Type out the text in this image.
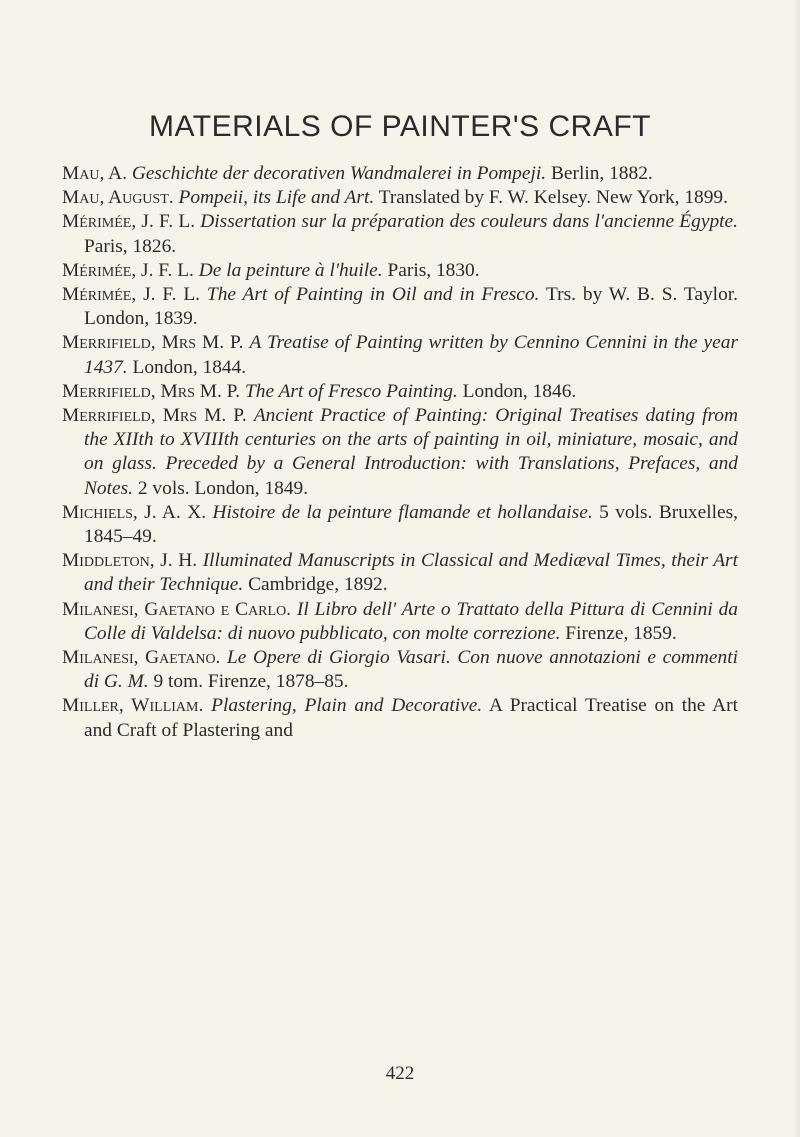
MATERIALS OF PAINTER'S CRAFT
Mau, A. Geschichte der decorativen Wandmalerei in Pompeji. Berlin, 1882.
Mau, August. Pompeii, its Life and Art. Translated by F. W. Kelsey. New York, 1899.
Mérimée, J. F. L. Dissertation sur la préparation des couleurs dans l'ancienne Égypte. Paris, 1826.
Mérimée, J. F. L. De la peinture à l'huile. Paris, 1830.
Mérimée, J. F. L. The Art of Painting in Oil and in Fresco. Trs. by W. B. S. Taylor. London, 1839.
Merrifield, Mrs M. P. A Treatise of Painting written by Cennino Cennini in the year 1437. London, 1844.
Merrifield, Mrs M. P. The Art of Fresco Painting. London, 1846.
Merrifield, Mrs M. P. Ancient Practice of Painting: Original Treatises dating from the XIIth to XVIIIth centuries on the arts of painting in oil, miniature, mosaic, and on glass. Preceded by a General Introduction: with Translations, Prefaces, and Notes. 2 vols. London, 1849.
Michiels, J. A. X. Histoire de la peinture flamande et hollandaise. 5 vols. Bruxelles, 1845–49.
Middleton, J. H. Illuminated Manuscripts in Classical and Mediæval Times, their Art and their Technique. Cambridge, 1892.
Milanesi, Gaetano e Carlo. Il Libro dell' Arte o Trattato della Pittura di Cennini da Colle di Valdelsa: di nuovo pubblicato, con molte correzione. Firenze, 1859.
Milanesi, Gaetano. Le Opere di Giorgio Vasari. Con nuove annotazioni e commenti di G. M. 9 tom. Firenze, 1878–85.
Miller, William. Plastering, Plain and Decorative. A Practical Treatise on the Art and Craft of Plastering and
422
